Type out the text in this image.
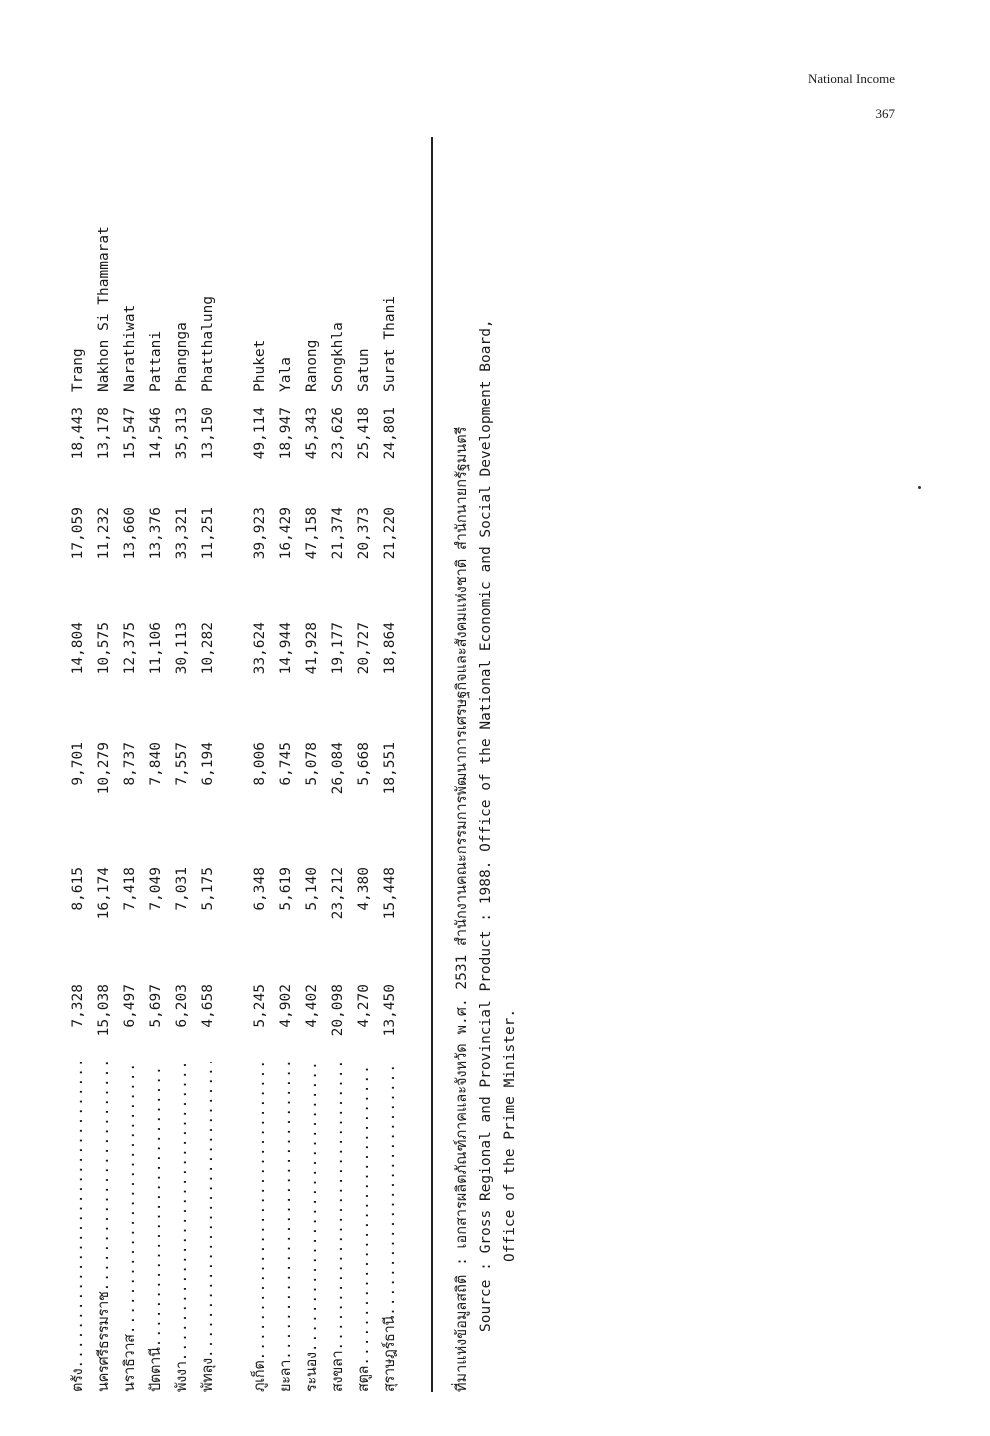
National Income
367
ตรัง .....
7,328
8,615
9,701
14,804
17,059
18,443
Trang
นครศรีธรรมราช .....
15,038
16,174
10,279
10,575
11,232
13,178
Nakhon Si Thammarat
นราธิวาส .....
6,497
7,418
8,737
12,375
13,660
15,547
Narathiwat
ปัตตานี .....
5,697
7,049
7,840
11,106
13,376
14,546
Pattani
พังงา .....
6,203
7,031
7,557
30,113
33,321
35,313
Phangnga
พัทลุง .....
4,658
5,175
6,194
10,282
11,251
13,150
Phatthalung
ภูเก็ต .....
5,245
6,348
8,006
33,624
39,923
49,114
Phuket
ยะลา .....
4,902
5,619
6,745
14,944
16,429
18,947
Yala
ระนอง .....
4,402
5,140
5,078
41,928
47,158
45,343
Ranong
สงขลา .....
20,098
23,212
26,084
19,177
21,374
23,626
Songkhla
สตูล .....
4,270
4,380
5,668
20,727
20,373
25,418
Satun
สุราษฎร์ธานี .....
13,450
15,448
18,551
18,864
21,220
24,801
Surat Thani
ที่มาแห่งข้อมูลสถิติ : เอกสารผลิตภัณฑ์ภาคและจังหวัด พ.ศ. 2531 สำนักงานคณะกรรมการพัฒนาการเศรษฐกิจและสังคมแห่งชาติ สำนักนายกรัฐมนตรี Source : Gross Regional and Provincial Product : 1988. Office of the National Economic and Social Development Board, Office of the Prime Minister.
